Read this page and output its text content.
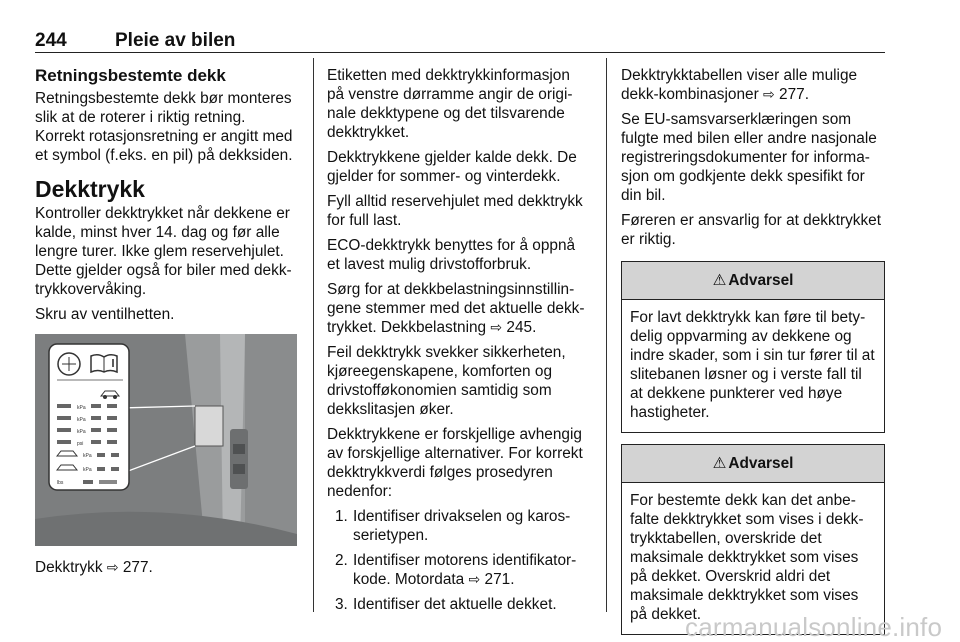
244	Pleie av bilen
Retningsbestemte dekk

Retningsbestemte dekk bør monteres slik at de roterer i riktig retning. Korrekt rotasjonsretning er angitt med et symbol (f.eks. en pil) på dekksiden.

Dekktrykk

Kontroller dekktrykket når dekkene er kalde, minst hver 14. dag og før alle lengre turer. Ikke glem reservehjulet. Dette gjelder også for biler med dekktrykkovervåking.

Skru av ventilhetten.

kPa
kPa
kPa
psi
kPa
kPa
lbs

Dekktrykk ⇨ 277.

Etiketten med dekktrykkinformasjon på venstre dørramme angir de originale dekktypene og det tilsvarende dekktrykket.

Dekktrykkene gjelder kalde dekk. De gjelder for sommer- og vinterdekk.

Fyll alltid reservehjulet med dekktrykk for full last.

ECO-dekktrykk benyttes for å oppnå et lavest mulig drivstofforbruk.

Sørg for at dekkbelastningsinnstillingene stemmer med det aktuelle dekktrykket. Dekkbelastning ⇨ 245.

Feil dekktrykk svekker sikkerheten, kjøreegenskapene, komforten og drivstofføkonomien samtidig som dekkslitasjen øker.

Dekktrykkene er forskjellige avhengig av forskjellige alternativer. For korrekt dekktrykkverdi følges prosedyren nedenfor:

1. Identifiser drivakselen og karosserietypen.
2. Identifiser motorens identifikatorkode. Motordata ⇨ 271.
3. Identifiser det aktuelle dekket.

Dekktrykktabellen viser alle mulige dekk-kombinasjoner ⇨ 277.

Se EU-samsvarserklæringen som fulgte med bilen eller andre nasjonale registreringsdokumenter for informasjon om godkjente dekk spesifikt for din bil.

Føreren er ansvarlig for at dekktrykket er riktig.

⚠ Advarsel
For lavt dekktrykk kan føre til betydelig oppvarming av dekkene og indre skader, som i sin tur fører til at slitebanen løsner og i verste fall til at dekkene punkterer ved høye hastigheter.
⚠ Advarsel
For bestemte dekk kan det anbefalte dekktrykket som vises i dekktrykktabellen, overskride det maksimale dekktrykket som vises på dekket. Overskrid aldri det maksimale dekktrykket som vises på dekket.
carmanualsonline.info
